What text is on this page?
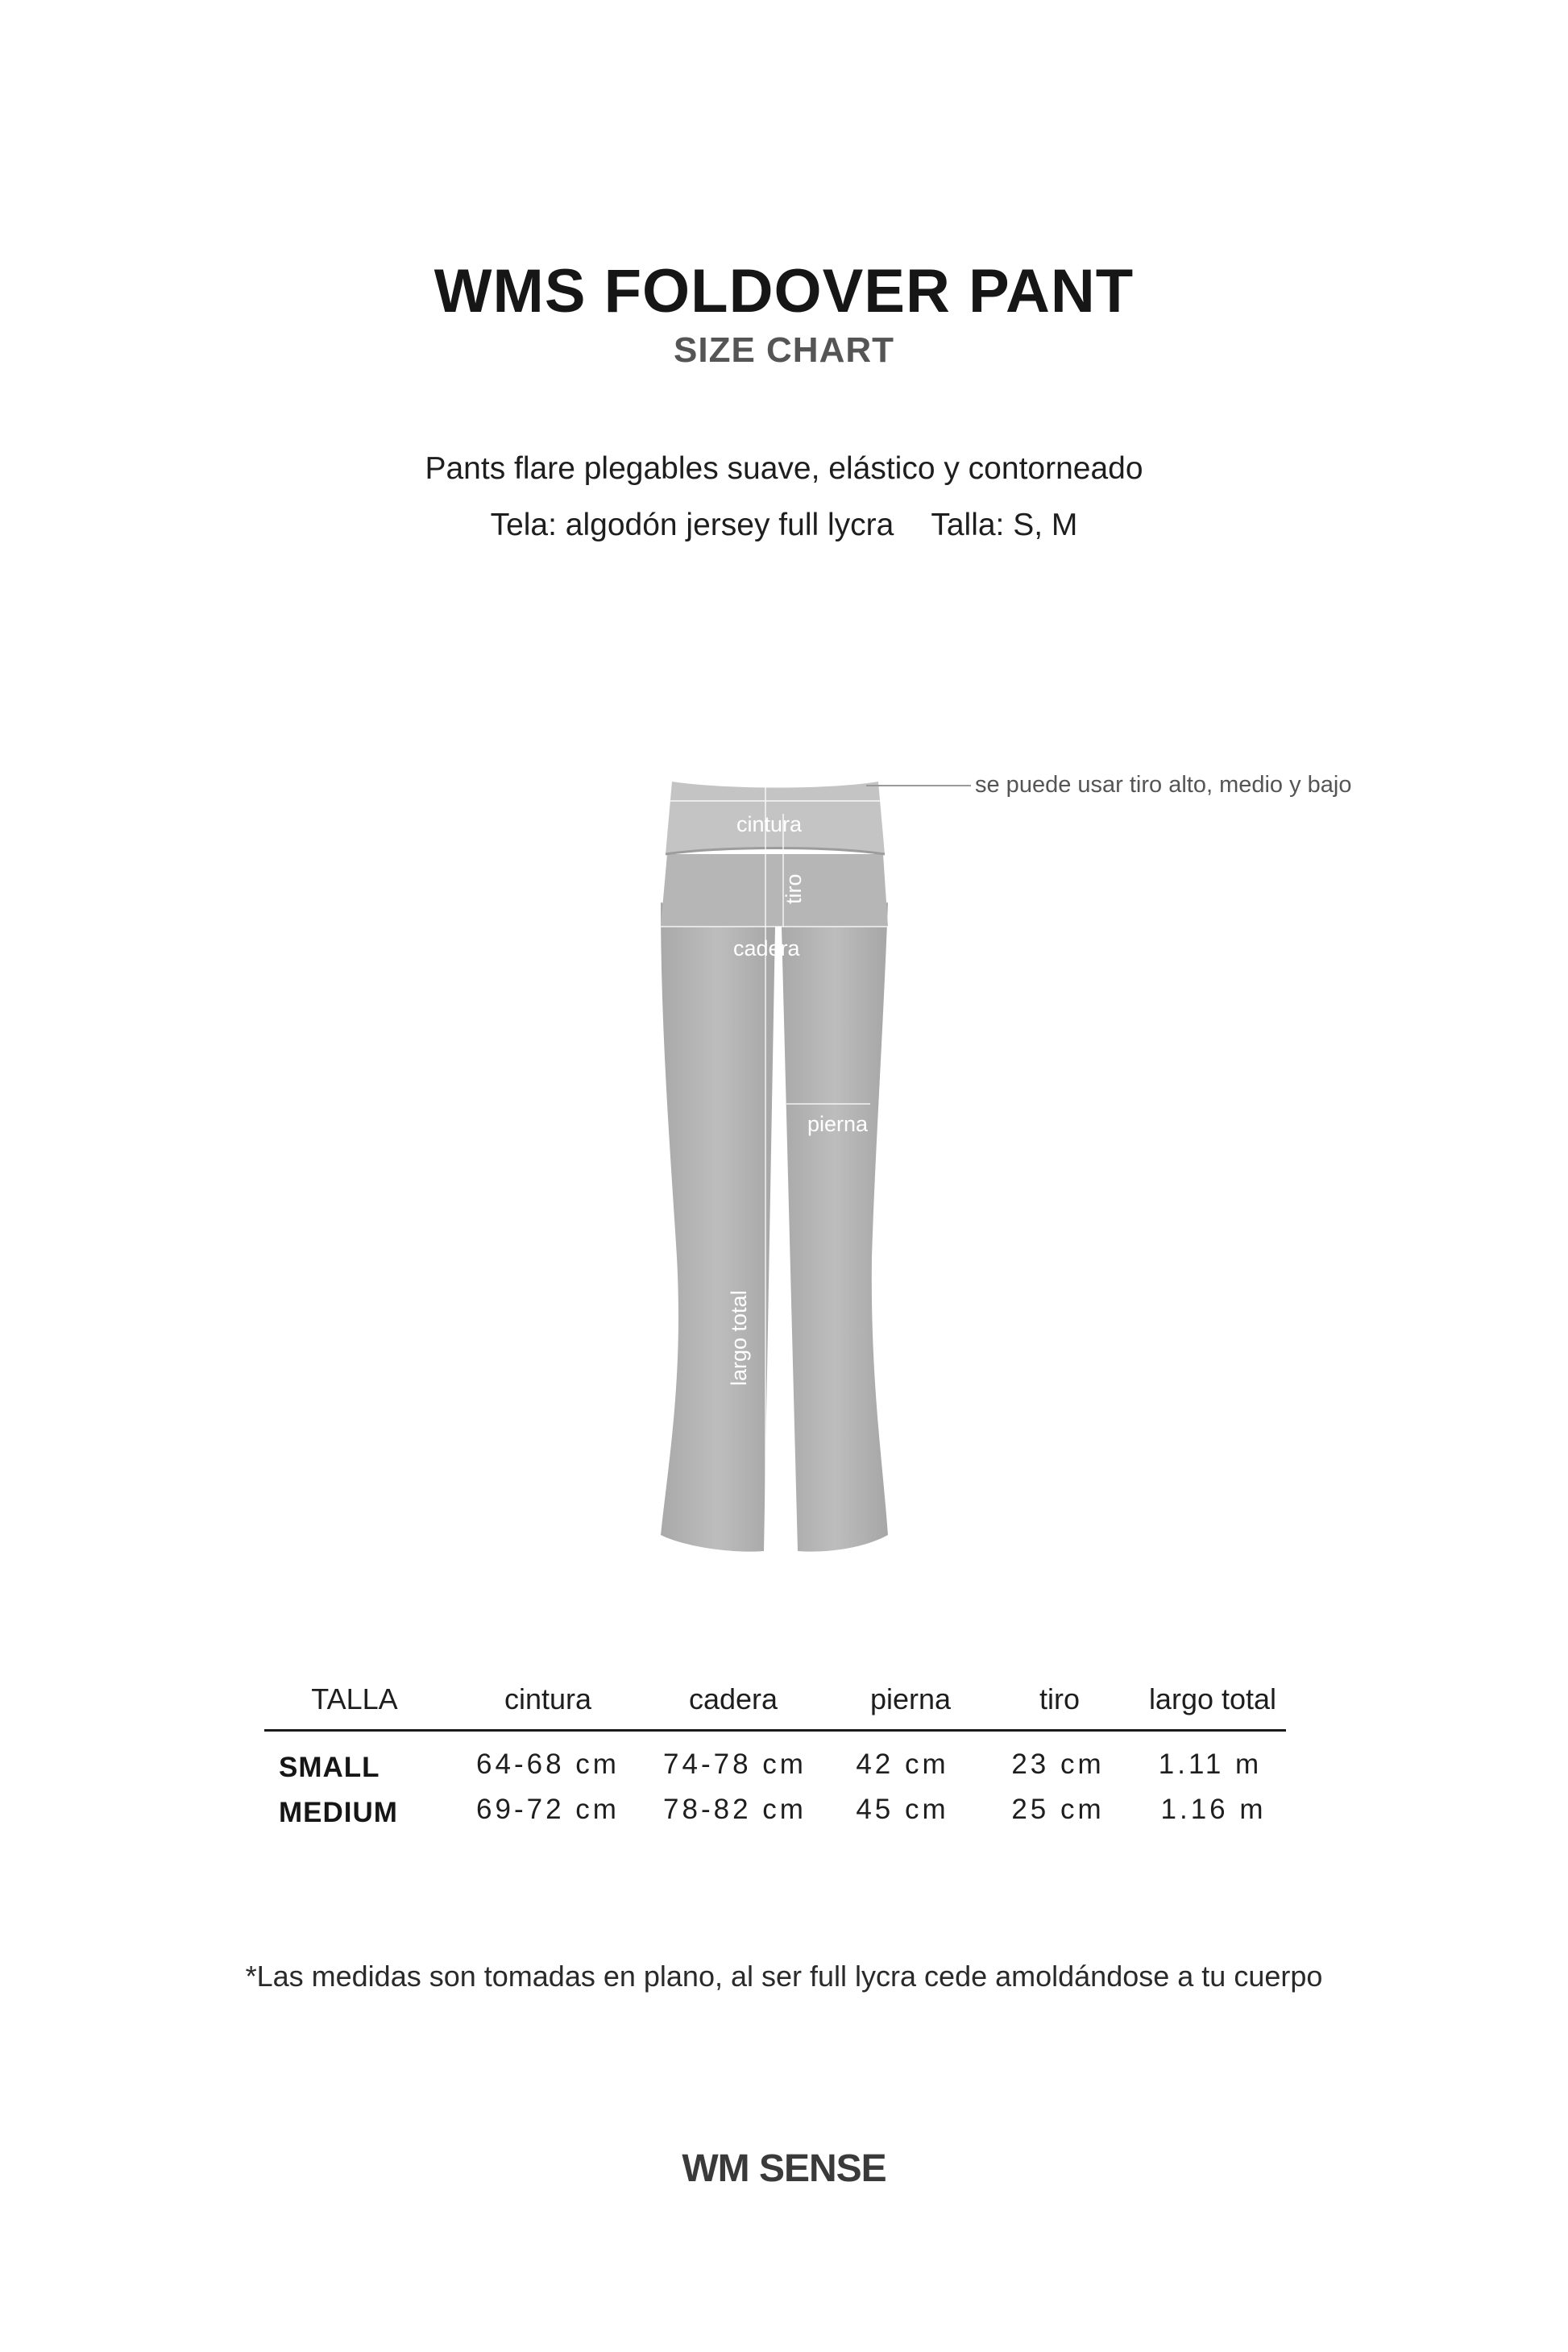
WMS FOLDOVER PANT
SIZE CHART
Pants flare plegables suave, elástico y contorneado
Tela: algodón jersey full lycra Talla: S, M
cintura
tiro
cadera
pierna
largo total
se puede usar tiro alto, medio y bajo
TALLA	cintura	cadera	pierna	tiro	largo total
SMALL	64-68 cm	74-78 cm	42 cm	23 cm	1.11 m
MEDIUM	69-72 cm	78-82 cm	45 cm	25 cm	1.16 m
*Las medidas son tomadas en plano, al ser full lycra cede amoldándose a tu cuerpo
WM SENSE
